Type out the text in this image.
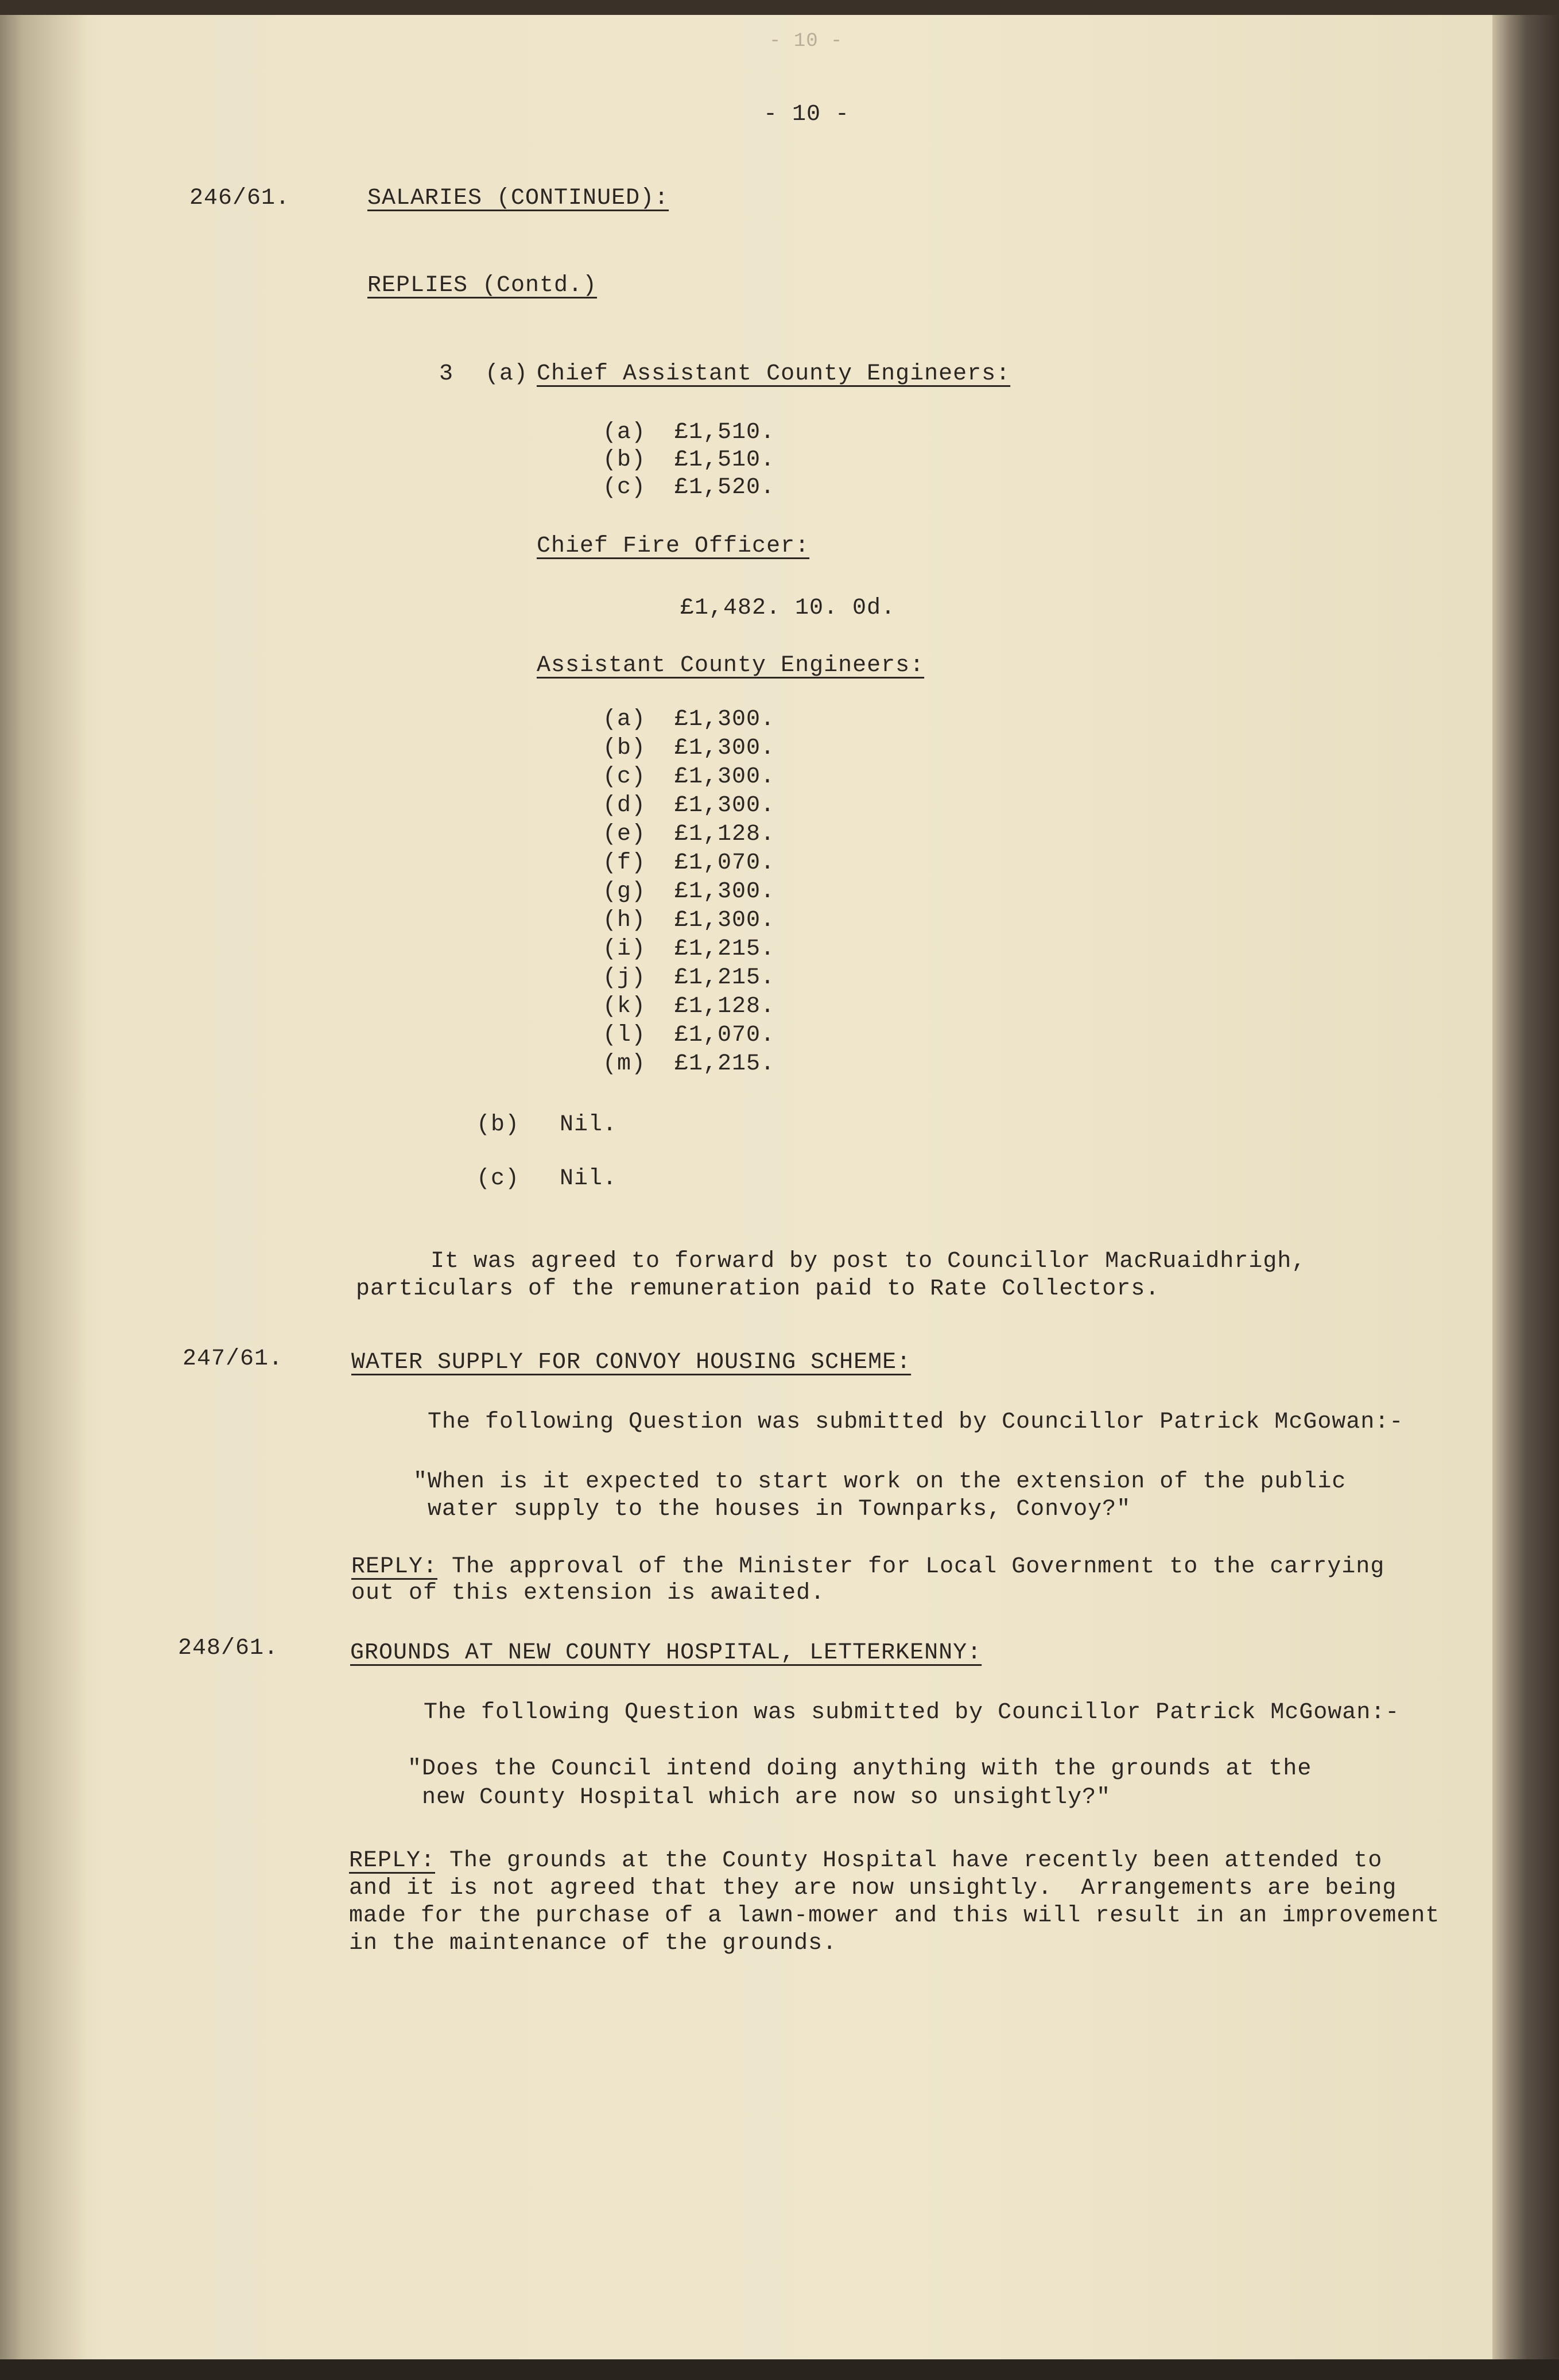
- 10 -
- 10 -
246/61.	SALARIES (CONTINUED):
REPLIES (Contd.)
3 (a) Chief Assistant County Engineers:
(a) £1,510.
(b) £1,510.
(c) £1,520.
Chief Fire Officer:
£1,482. 10. 0d.
Assistant County Engineers:
(a) £1,300.
(b) £1,300.
(c) £1,300.
(d) £1,300.
(e) £1,128.
(f) £1,070.
(g) £1,300.
(h) £1,300.
(i) £1,215.
(j) £1,215.
(k) £1,128.
(l) £1,070.
(m) £1,215.
(b) Nil.
(c) Nil.
It was agreed to forward by post to Councillor MacRuaidhrigh,
particulars of the remuneration paid to Rate Collectors.
247/61.	WATER SUPPLY FOR CONVOY HOUSING SCHEME:
The following Question was submitted by Councillor Patrick McGowan:-
"When is it expected to start work on the extension of the public
water supply to the houses in Townparks, Convoy?"
REPLY: The approval of the Minister for Local Government to the carrying
out of this extension is awaited.
248/61.	GROUNDS AT NEW COUNTY HOSPITAL, LETTERKENNY:
The following Question was submitted by Councillor Patrick McGowan:-
"Does the Council intend doing anything with the grounds at the
new County Hospital which are now so unsightly?"
REPLY: The grounds at the County Hospital have recently been attended to
and it is not agreed that they are now unsightly.  Arrangements are being
made for the purchase of a lawn-mower and this will result in an improvement
in the maintenance of the grounds.
